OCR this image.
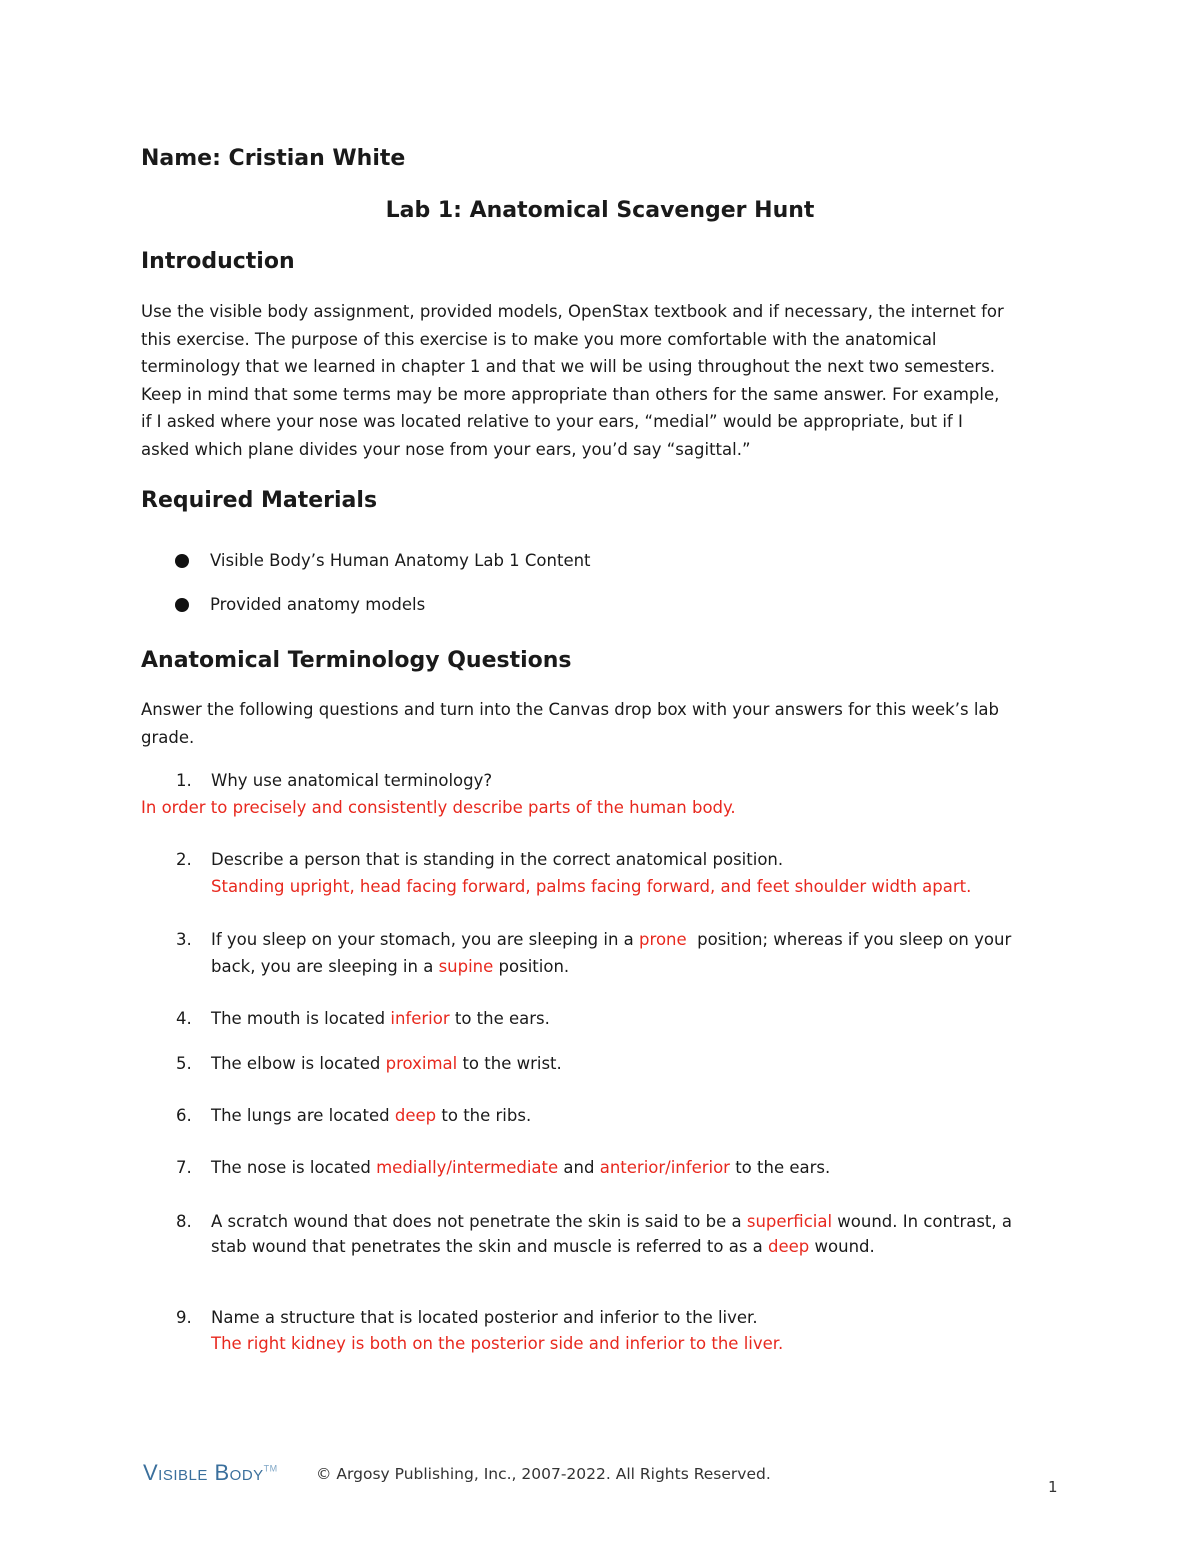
Name: Cristian White
Lab 1: Anatomical Scavenger Hunt
Introduction
Use the visible body assignment, provided models, OpenStax textbook and if necessary, the internet for
this exercise. The purpose of this exercise is to make you more comfortable with the anatomical
terminology that we learned in chapter 1 and that we will be using throughout the next two semesters.
Keep in mind that some terms may be more appropriate than others for the same answer. For example,
if I asked where your nose was located relative to your ears, “medial” would be appropriate, but if I
asked which plane divides your nose from your ears, you’d say “sagittal.”
Required Materials
Visible Body’s Human Anatomy Lab 1 Content
Provided anatomy models
Anatomical Terminology Questions
Answer the following questions and turn into the Canvas drop box with your answers for this week’s lab
grade.
1. Why use anatomical terminology?
In order to precisely and consistently describe parts of the human body.
2. Describe a person that is standing in the correct anatomical position.
Standing upright, head facing forward, palms facing forward, and feet shoulder width apart.
3. If you sleep on your stomach, you are sleeping in a prone  position; whereas if you sleep on your
back, you are sleeping in a supine position.
4. The mouth is located inferior to the ears.
5. The elbow is located proximal to the wrist.
6. The lungs are located deep to the ribs.
7. The nose is located medially/intermediate and anterior/inferior to the ears.
8. A scratch wound that does not penetrate the skin is said to be a superficial wound. In contrast, a
stab wound that penetrates the skin and muscle is referred to as a deep wound.
9. Name a structure that is located posterior and inferior to the liver.
The right kidney is both on the posterior side and inferior to the liver.
Visible Body™ © Argosy Publishing, Inc., 2007-2022. All Rights Reserved.
1
